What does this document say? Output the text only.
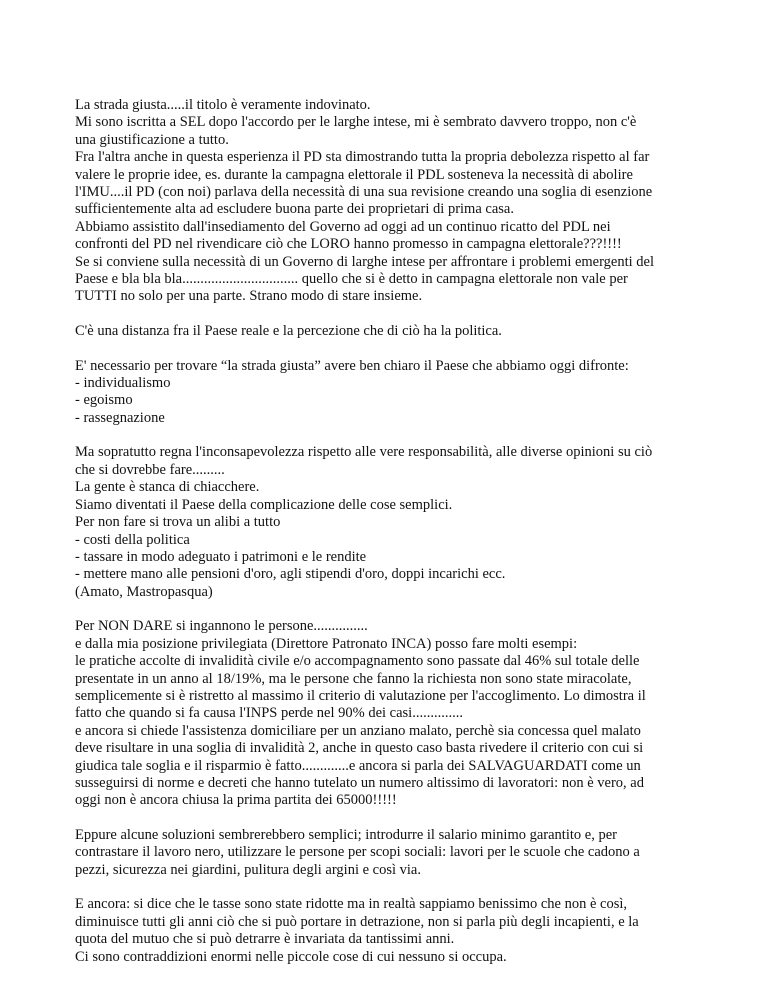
La strada giusta.....il titolo è veramente indovinato.
Mi sono iscritta a SEL dopo l'accordo per le larghe intese, mi è sembrato davvero troppo, non c'è
una giustificazione a tutto.
Fra l'altra anche in questa esperienza il PD sta dimostrando tutta la propria debolezza rispetto al far
valere le proprie idee, es. durante la campagna elettorale il PDL sosteneva la necessità di abolire
l'IMU....il PD (con noi) parlava della necessità di una sua revisione creando una soglia di esenzione
sufficientemente alta ad escludere buona parte dei proprietari di prima casa.
Abbiamo assistito dall'insediamento del Governo ad oggi ad un continuo ricatto del PDL nei
confronti del PD nel rivendicare ciò che LORO hanno promesso in campagna elettorale???!!!!
Se si conviene sulla necessità di un Governo di larghe intese per affrontare i problemi emergenti del
Paese e bla bla bla................................ quello che si è detto in campagna elettorale non vale per
TUTTI no solo per una parte. Strano modo di stare insieme.
C'è una distanza fra il Paese reale e la percezione che di ciò ha la politica.
E' necessario per trovare “la strada giusta” avere ben chiaro il Paese che abbiamo oggi difronte:
- individualismo
- egoismo
- rassegnazione
Ma sopratutto regna l'inconsapevolezza rispetto alle vere responsabilità, alle diverse opinioni su ciò
che si dovrebbe fare.........
La gente è stanca di chiacchere.
Siamo diventati il Paese della complicazione delle cose semplici.
Per non fare si trova un alibi a tutto
- costi della politica
- tassare in modo adeguato i patrimoni e le rendite
- mettere mano alle pensioni d'oro, agli stipendi d'oro, doppi incarichi ecc.
(Amato, Mastropasqua)
Per NON DARE si ingannono le persone...............
e dalla mia posizione privilegiata (Direttore Patronato INCA) posso fare molti esempi:
le pratiche accolte di invalidità civile e/o accompagnamento sono passate dal 46% sul totale delle
presentate in un anno al 18/19%, ma le persone che fanno la richiesta non sono state miracolate,
semplicemente si è ristretto al massimo il criterio di valutazione per l'accoglimento. Lo dimostra il
fatto che quando si fa causa l'INPS perde nel 90% dei casi..............
e ancora si chiede l'assistenza domiciliare per un anziano malato, perchè sia concessa quel malato
deve risultare in una soglia di invalidità 2, anche in questo caso basta rivedere il criterio con cui si
giudica tale soglia e il risparmio è fatto.............e ancora si parla dei SALVAGUARDATI come un
susseguirsi di norme e decreti che hanno tutelato un numero altissimo di lavoratori: non è vero, ad
oggi non è ancora chiusa la prima partita dei 65000!!!!!
Eppure alcune soluzioni sembrerebbero semplici; introdurre il salario minimo garantito e, per
contrastare il lavoro nero, utilizzare le persone per scopi sociali: lavori per le scuole che cadono a
pezzi, sicurezza nei giardini, pulitura degli argini e così via.
E ancora: si dice che le tasse sono state ridotte ma in realtà sappiamo benissimo che non è così,
diminuisce tutti gli anni ciò che si può portare in detrazione, non si parla più degli incapienti, e la
quota del mutuo che si può detrarre è invariata da tantissimi anni.
Ci sono contraddizioni enormi nelle piccole cose di cui nessuno si occupa.
